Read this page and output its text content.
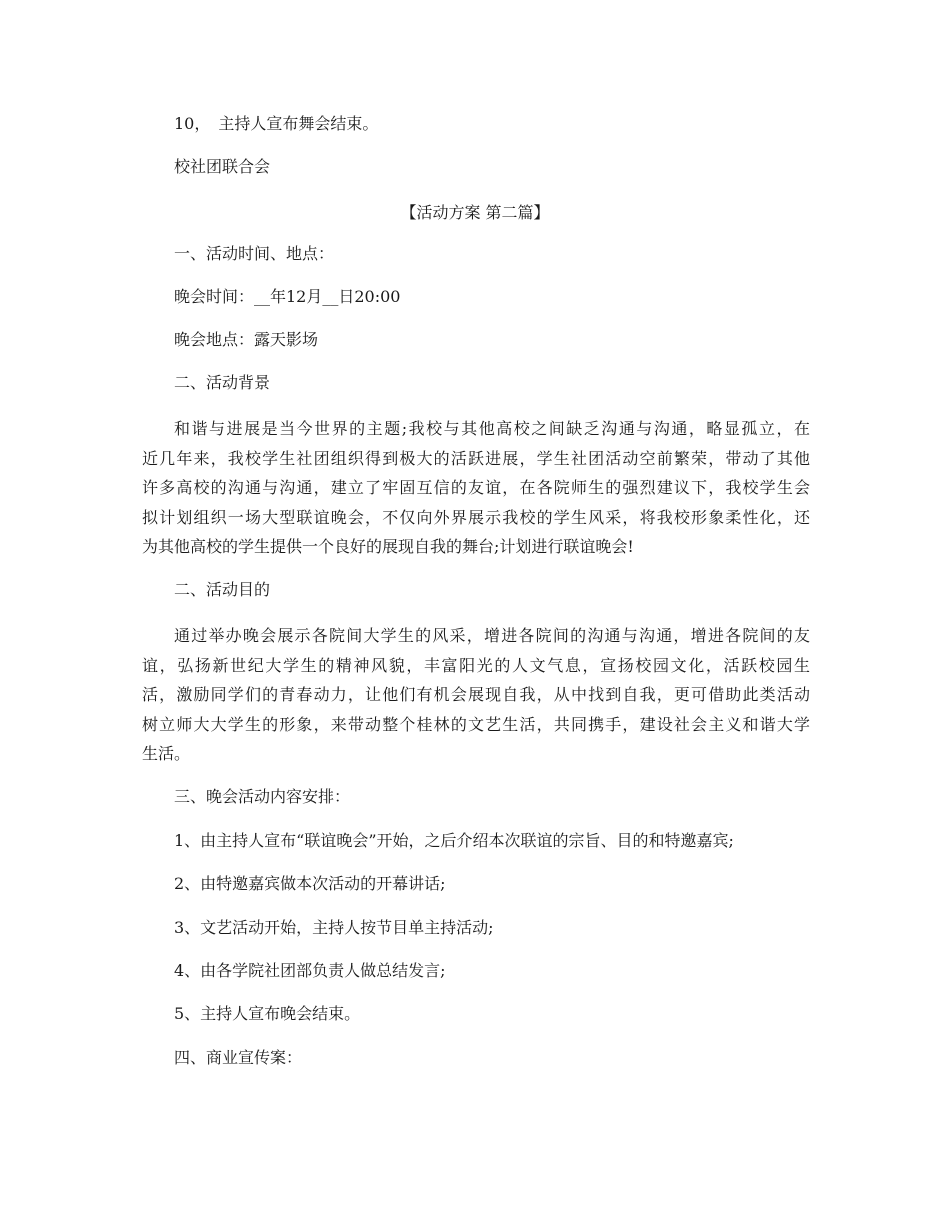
10，　主持人宣布舞会结束。
校社团联合会
【活动方案 第二篇】
一、活动时间、地点：
晚会时间：__年12月__日20:00
晚会地点：露天影场
二、活动背景
和谐与进展是当今世界的主题;我校与其他高校之间缺乏沟通与沟通，略显孤立，在
近几年来，我校学生社团组织得到极大的活跃进展，学生社团活动空前繁荣，带动了其他
许多高校的沟通与沟通，建立了牢固互信的友谊，在各院师生的强烈建议下，我校学生会
拟计划组织一场大型联谊晚会，不仅向外界展示我校的学生风采，将我校形象柔性化，还
为其他高校的学生提供一个良好的展现自我的舞台;计划进行联谊晚会!
二、活动目的
通过举办晚会展示各院间大学生的风采，增进各院间的沟通与沟通，增进各院间的友
谊，弘扬新世纪大学生的精神风貌，丰富阳光的人文气息，宣扬校园文化，活跃校园生
活，激励同学们的青春动力，让他们有机会展现自我，从中找到自我，更可借助此类活动
树立师大大学生的形象，来带动整个桂林的文艺生活，共同携手，建设社会主义和谐大学
生活。
三、晚会活动内容安排：
1、由主持人宣布“联谊晚会”开始，之后介绍本次联谊的宗旨、目的和特邀嘉宾;
2、由特邀嘉宾做本次活动的开幕讲话;
3、文艺活动开始，主持人按节目单主持活动;
4、由各学院社团部负责人做总结发言;
5、主持人宣布晚会结束。
四、商业宣传案：
